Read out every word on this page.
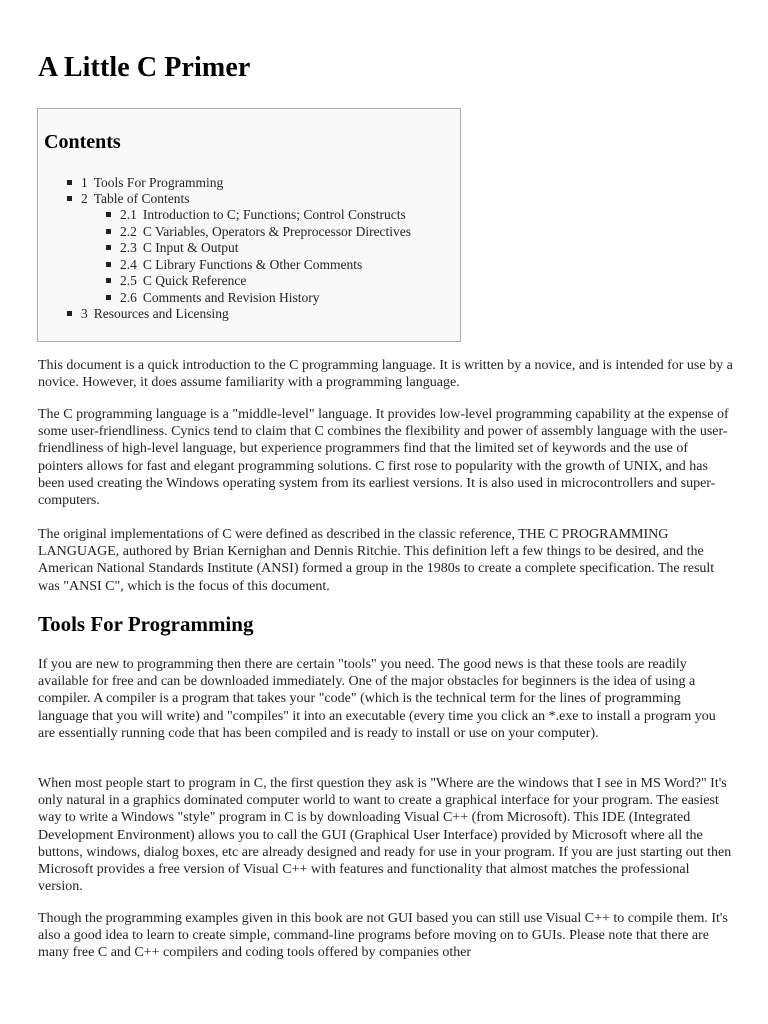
A Little C Primer
Contents
1 Tools For Programming
2 Table of Contents
2.1 Introduction to C; Functions; Control Constructs
2.2 C Variables, Operators & Preprocessor Directives
2.3 C Input & Output
2.4 C Library Functions & Other Comments
2.5 C Quick Reference
2.6 Comments and Revision History
3 Resources and Licensing

This document is a quick introduction to the C programming language. It is written by a novice, and is intended for use by a novice. However, it does assume familiarity with a programming language.

The C programming language is a "middle-level" language. It provides low-level programming capability at the expense of some user-friendliness. Cynics tend to claim that C combines the flexibility and power of assembly language with the user-friendliness of high-level language, but experience programmers find that the limited set of keywords and the use of pointers allows for fast and elegant programming solutions. C first rose to popularity with the growth of UNIX, and has been used creating the Windows operating system from its earliest versions. It is also used in microcontrollers and super-computers.

The original implementations of C were defined as described in the classic reference, THE C PROGRAMMING LANGUAGE, authored by Brian Kernighan and Dennis Ritchie. This definition left a few things to be desired, and the American National Standards Institute (ANSI) formed a group in the 1980s to create a complete specification. The result was "ANSI C", which is the focus of this document.

Tools For Programming

If you are new to programming then there are certain "tools" you need. The good news is that these tools are readily available for free and can be downloaded immediately. One of the major obstacles for beginners is the idea of using a compiler. A compiler is a program that takes your "code" (which is the technical term for the lines of programming language that you will write) and "compiles" it into an executable (every time you click an *.exe to install a program you are essentially running code that has been compiled and is ready to install or use on your computer).

When most people start to program in C, the first question they ask is "Where are the windows that I see in MS Word?" It's only natural in a graphics dominated computer world to want to create a graphical interface for your program. The easiest way to write a Windows "style" program in C is by downloading Visual C++ (from Microsoft). This IDE (Integrated Development Environment) allows you to call the GUI (Graphical User Interface) provided by Microsoft where all the buttons, windows, dialog boxes, etc are already designed and ready for use in your program. If you are just starting out then Microsoft provides a free version of Visual C++ with features and functionality that almost matches the professional version.

Though the programming examples given in this book are not GUI based you can still use Visual C++ to compile them. It's also a good idea to learn to create simple, command-line programs before moving on to GUIs. Please note that there are many free C and C++ compilers and coding tools offered by companies other
